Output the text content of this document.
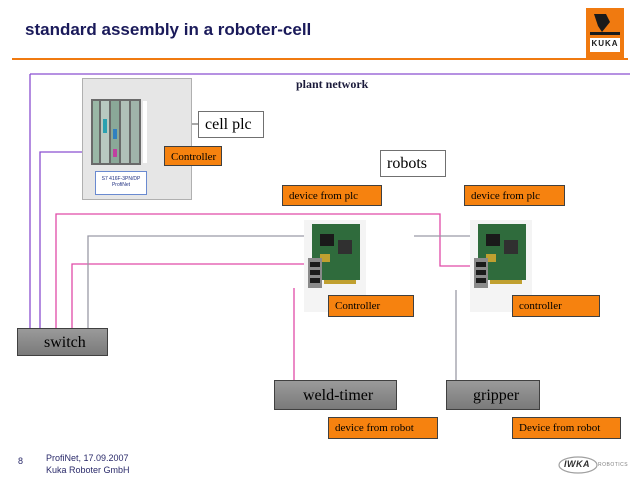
standard assembly in a roboter-cell
KUKA
plant network
S7 416F-3PN/DP
ProfiNet
cell plc
Controller	robots
device from plc	device from plc
Controller	controller
switch
weld-timer	gripper
device from robot	Device from robot
8	ProfiNet, 17.09.2007
Kuka Roboter GmbH
IWKA ROBOTICS
